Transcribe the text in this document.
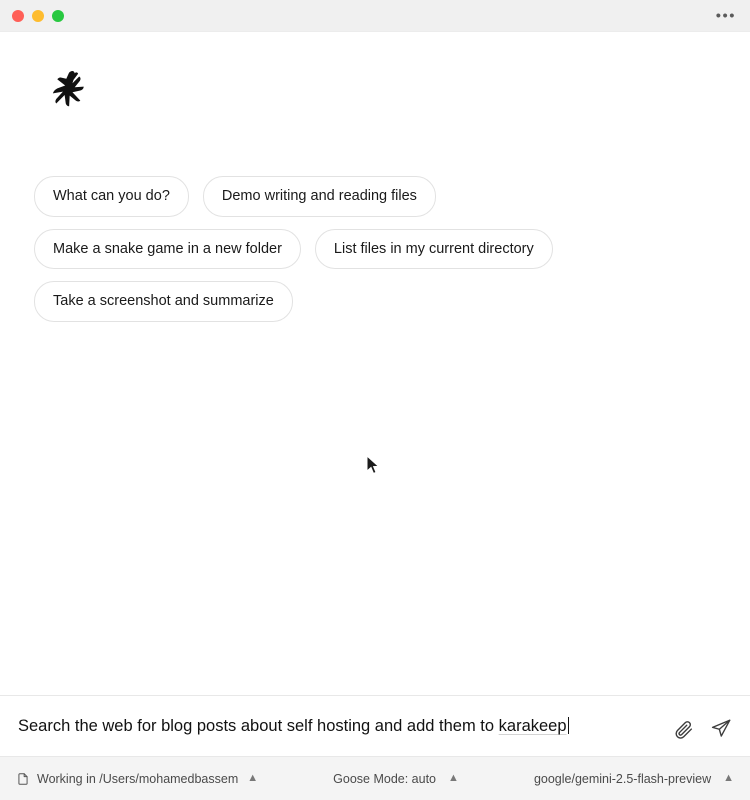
•••
What can you do?	Demo writing and reading files
Make a snake game in a new folder	List files in my current directory
Take a screenshot and summarize
Search the web for blog posts about self hosting and add them to karakeep
Working in /Users/mohamedbassem ▲	Goose Mode: auto ▲	google/gemini-2.5-flash-preview ▲
